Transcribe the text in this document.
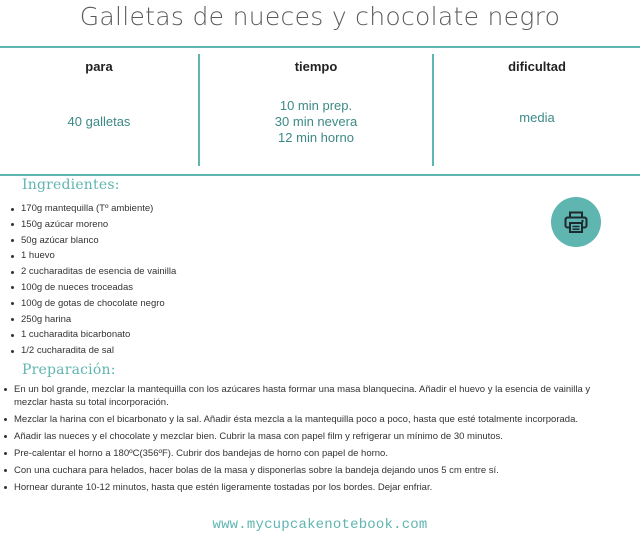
Galletas de nueces y chocolate negro
para
40 galletas
tiempo
10 min prep.
30 min nevera
12 min horno
dificultad
media
Ingredientes:
170g mantequilla (Tº ambiente)
150g azúcar moreno
50g azúcar blanco
1 huevo
2 cucharaditas de esencia de vainilla
100g de nueces troceadas
100g de gotas de chocolate negro
250g harina
1 cucharadita bicarbonato
1/2 cucharadita de sal
Preparación:
En un bol grande, mezclar la mantequilla con los azúcares hasta formar una masa blanquecina. Añadir el huevo y la esencia de vainilla y mezclar hasta su total incorporación.
Mezclar la harina con el bicarbonato y la sal. Añadir ésta mezcla a la mantequilla poco a poco, hasta que esté totalmente incorporada.
Añadir las nueces y el chocolate y mezclar bien. Cubrir la masa con papel film y refrigerar un mínimo de 30 minutos.
Pre-calentar el horno a 180ºC(356ºF). Cubrir dos bandejas de horno con papel de horno.
Con una cuchara para helados, hacer bolas de la masa y disponerlas sobre la bandeja dejando unos 5 cm entre sí.
Hornear durante 10-12 minutos, hasta que estén ligeramente tostadas por los bordes. Dejar enfriar.
www.mycupcakenotebook.com
